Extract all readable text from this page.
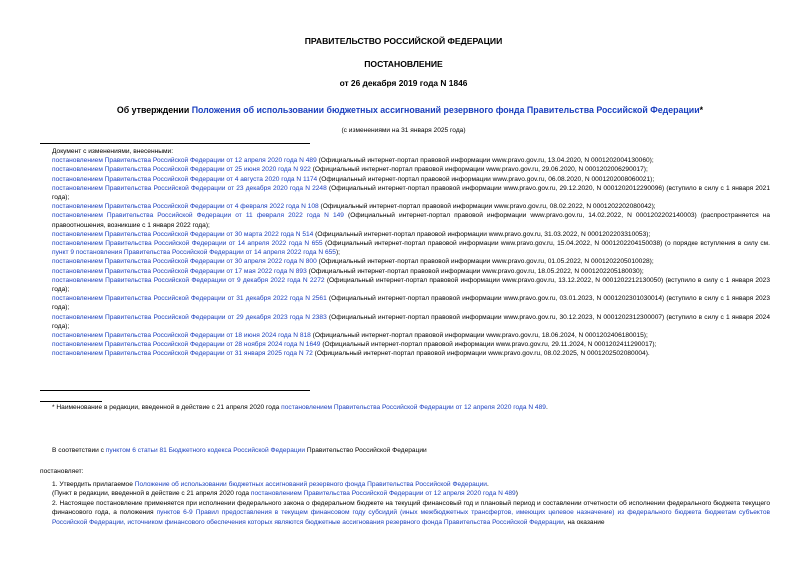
ПРАВИТЕЛЬСТВО РОССИЙСКОЙ ФЕДЕРАЦИИ
ПОСТАНОВЛЕНИЕ
от 26 декабря 2019 года N 1846
Об утверждении Положения об использовании бюджетных ассигнований резервного фонда Правительства Российской Федерации*
(с изменениями на 31 января 2025 года)
Документ с изменениями, внесенными:
постановлением Правительства Российской Федерации от 12 апреля 2020 года N 489 (Официальный интернет-портал правовой информации www.pravo.gov.ru, 13.04.2020, N 0001202004130060);
постановлением Правительства Российской Федерации от 25 июня 2020 года N 922 (Официальный интернет-портал правовой информации www.pravo.gov.ru, 29.06.2020, N 0001202006290017);
постановлением Правительства Российской Федерации от 4 августа 2020 года N 1174 (Официальный интернет-портал правовой информации www.pravo.gov.ru, 06.08.2020, N 0001202008060021);
постановлением Правительства Российской Федерации от 23 декабря 2020 года N 2248 (Официальный интернет-портал правовой информации www.pravo.gov.ru, 29.12.2020, N 0001202012290096) (вступило в силу с 1 января 2021 года);
постановлением Правительства Российской Федерации от 4 февраля 2022 года N 108 (Официальный интернет-портал правовой информации www.pravo.gov.ru, 08.02.2022, N 0001202202080042);
постановлением Правительства Российской Федерации от 11 февраля 2022 года N 149 (Официальный интернет-портал правовой информации www.pravo.gov.ru, 14.02.2022, N 0001202202140003) (распространяется на правоотношения, возникшие с 1 января 2022 года);
постановлением Правительства Российской Федерации от 30 марта 2022 года N 514 (Официальный интернет-портал правовой информации www.pravo.gov.ru, 31.03.2022, N 0001202203310053);
постановлением Правительства Российской Федерации от 14 апреля 2022 года N 655 (Официальный интернет-портал правовой информации www.pravo.gov.ru, 15.04.2022, N 0001202204150038) (о порядке вступления в силу см. пункт 9 постановления Правительства Российской Федерации от 14 апреля 2022 года N 655);
постановлением Правительства Российской Федерации от 30 апреля 2022 года N 800 (Официальный интернет-портал правовой информации www.pravo.gov.ru, 01.05.2022, N 0001202205010028);
постановлением Правительства Российской Федерации от 17 мая 2022 года N 893 (Официальный интернет-портал правовой информации www.pravo.gov.ru, 18.05.2022, N 0001202205180030);
постановлением Правительства Российской Федерации от 9 декабря 2022 года N 2272 (Официальный интернет-портал правовой информации www.pravo.gov.ru, 13.12.2022, N 0001202212130050) (вступило в силу с 1 января 2023 года);
постановлением Правительства Российской Федерации от 31 декабря 2022 года N 2561 (Официальный интернет-портал правовой информации www.pravo.gov.ru, 03.01.2023, N 0001202301030014) (вступило в силу с 1 января 2023 года);
постановлением Правительства Российской Федерации от 29 декабря 2023 года N 2383 (Официальный интернет-портал правовой информации www.pravo.gov.ru, 30.12.2023, N 0001202312300007) (вступило в силу с 1 января 2024 года);
постановлением Правительства Российской Федерации от 18 июня 2024 года N 818 (Официальный интернет-портал правовой информации www.pravo.gov.ru, 18.06.2024, N 0001202406180015);
постановлением Правительства Российской Федерации от 28 ноября 2024 года N 1649 (Официальный интернет-портал правовой информации www.pravo.gov.ru, 29.11.2024, N 0001202411290017);
постановлением Правительства Российской Федерации от 31 января 2025 года N 72 (Официальный интернет-портал правовой информации www.pravo.gov.ru, 08.02.2025, N 0001202502080004).
* Наименование в редакции, введенной в действие с 21 апреля 2020 года постановлением Правительства Российской Федерации от 12 апреля 2020 года N 489.
В соответствии с пунктом 6 статьи 81 Бюджетного кодекса Российской Федерации Правительство Российской Федерации
постановляет:
1. Утвердить прилагаемое Положение об использовании бюджетных ассигнований резервного фонда Правительства Российской Федерации.
(Пункт в редакции, введенной в действие с 21 апреля 2020 года постановлением Правительства Российской Федерации от 12 апреля 2020 года N 489)
2. Настоящее постановление применяется при исполнении федерального закона о федеральном бюджете на текущий финансовый год и плановый период и составлении отчетности об исполнении федерального бюджета текущего финансового года, а положения пунктов 6-9 Правил предоставления в текущем финансовом году субсидий (иных межбюджетных трансфертов, имеющих целевое назначение) из федерального бюджета бюджетам субъектов Российской Федерации, источником финансового обеспечения которых являются бюджетные ассигнования резервного фонда Правительства Российской Федерации, на оказание
